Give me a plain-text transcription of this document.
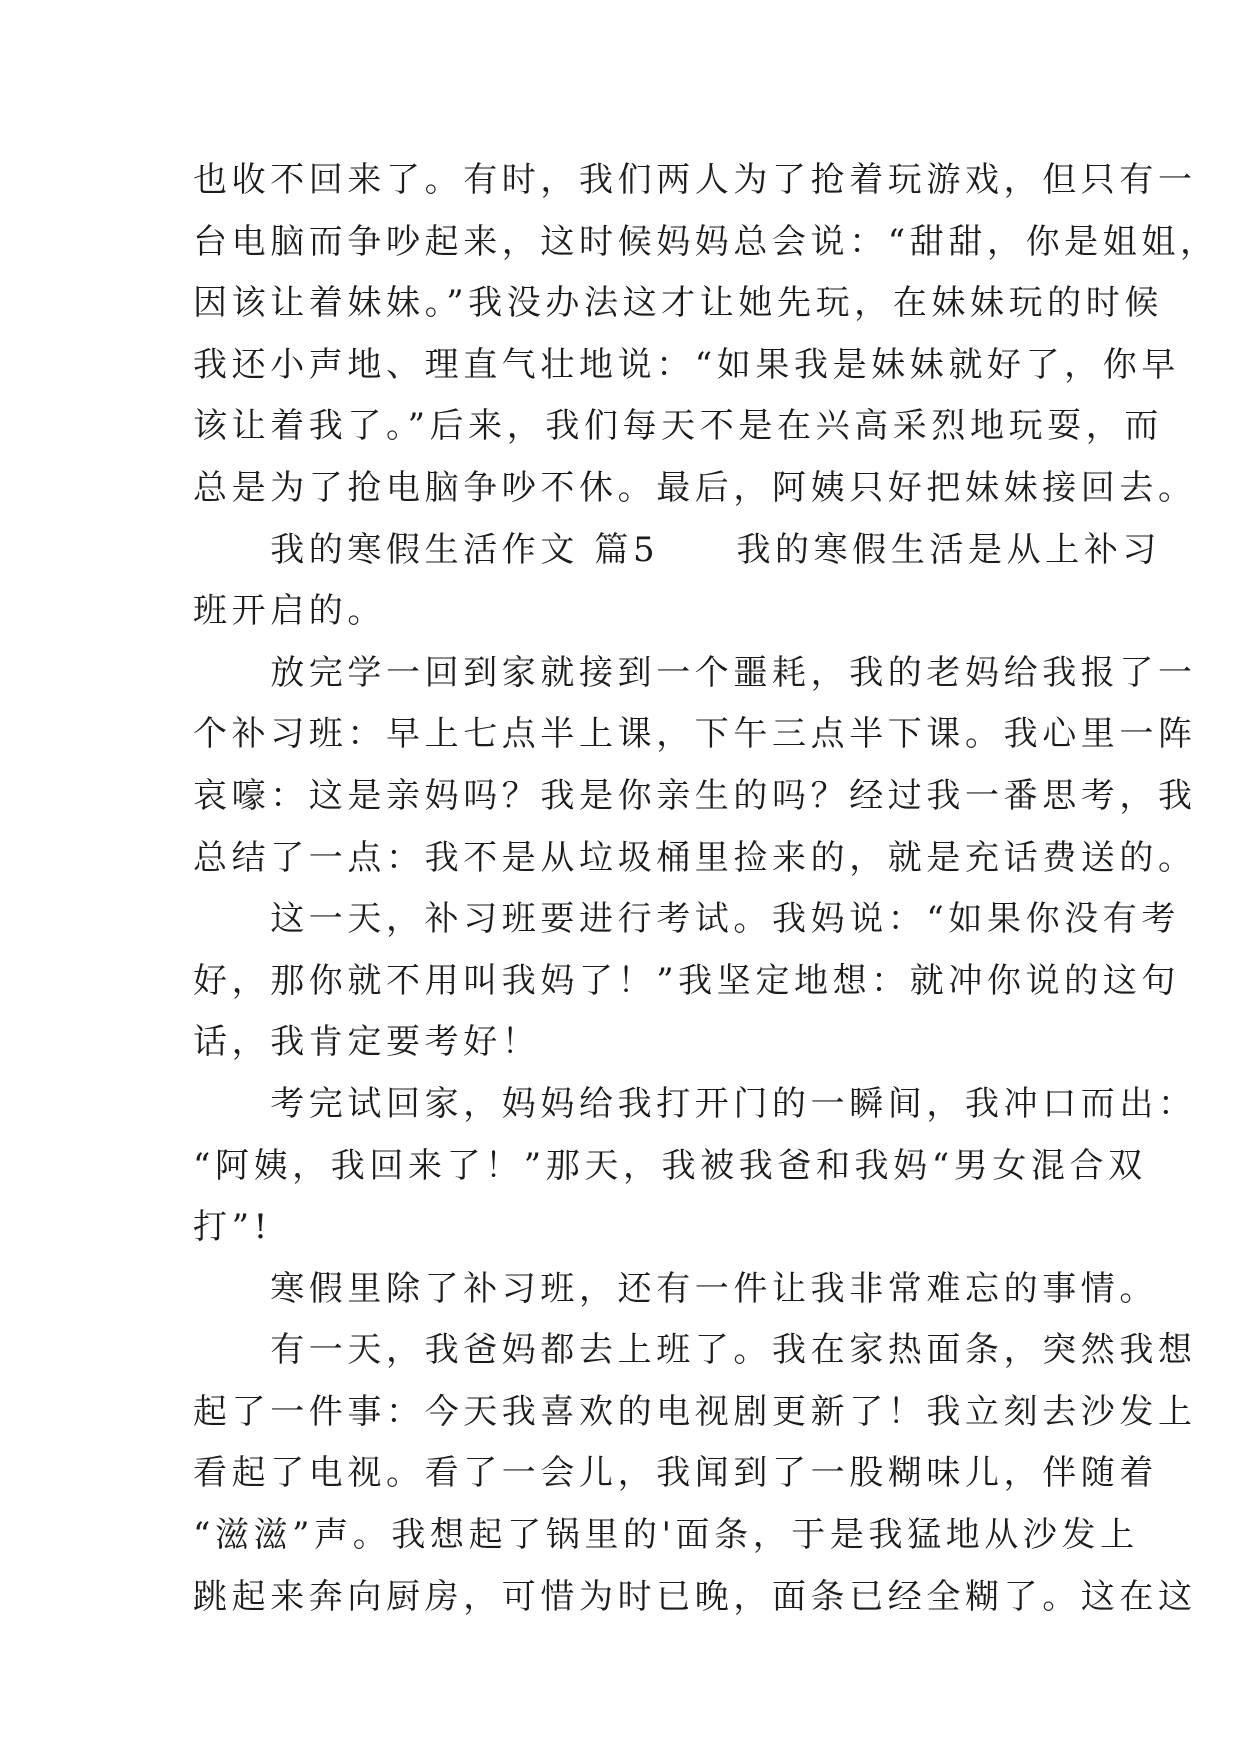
也收不回来了。有时，我们两人为了抢着玩游戏，但只有一
台电脑而争吵起来，这时候妈妈总会说：“甜甜，你是姐姐，
因该让着妹妹。”我没办法这才让她先玩，在妹妹玩的时候
我还小声地、理直气壮地说：“如果我是妹妹就好了，你早
该让着我了。”后来，我们每天不是在兴高采烈地玩耍，而
总是为了抢电脑争吵不休。最后，阿姨只好把妹妹接回去。
　　我的寒假生活作文 篇5　　我的寒假生活是从上补习
班开启的。
　　放完学一回到家就接到一个噩耗，我的老妈给我报了一
个补习班：早上七点半上课，下午三点半下课。我心里一阵
哀嚎：这是亲妈吗？我是你亲生的吗？经过我一番思考，我
总结了一点：我不是从垃圾桶里捡来的，就是充话费送的。
　　这一天，补习班要进行考试。我妈说：“如果你没有考
好，那你就不用叫我妈了！”我坚定地想：就冲你说的这句
话，我肯定要考好！
　　考完试回家，妈妈给我打开门的一瞬间，我冲口而出：
“阿姨，我回来了！”那天，我被我爸和我妈“男女混合双
打”!
　　寒假里除了补习班，还有一件让我非常难忘的事情。
　　有一天，我爸妈都去上班了。我在家热面条，突然我想
起了一件事：今天我喜欢的电视剧更新了！我立刻去沙发上
看起了电视。看了一会儿，我闻到了一股糊味儿，伴随着
“滋滋”声。我想起了锅里的'面条，于是我猛地从沙发上
跳起来奔向厨房，可惜为时已晚，面条已经全糊了。这在这
